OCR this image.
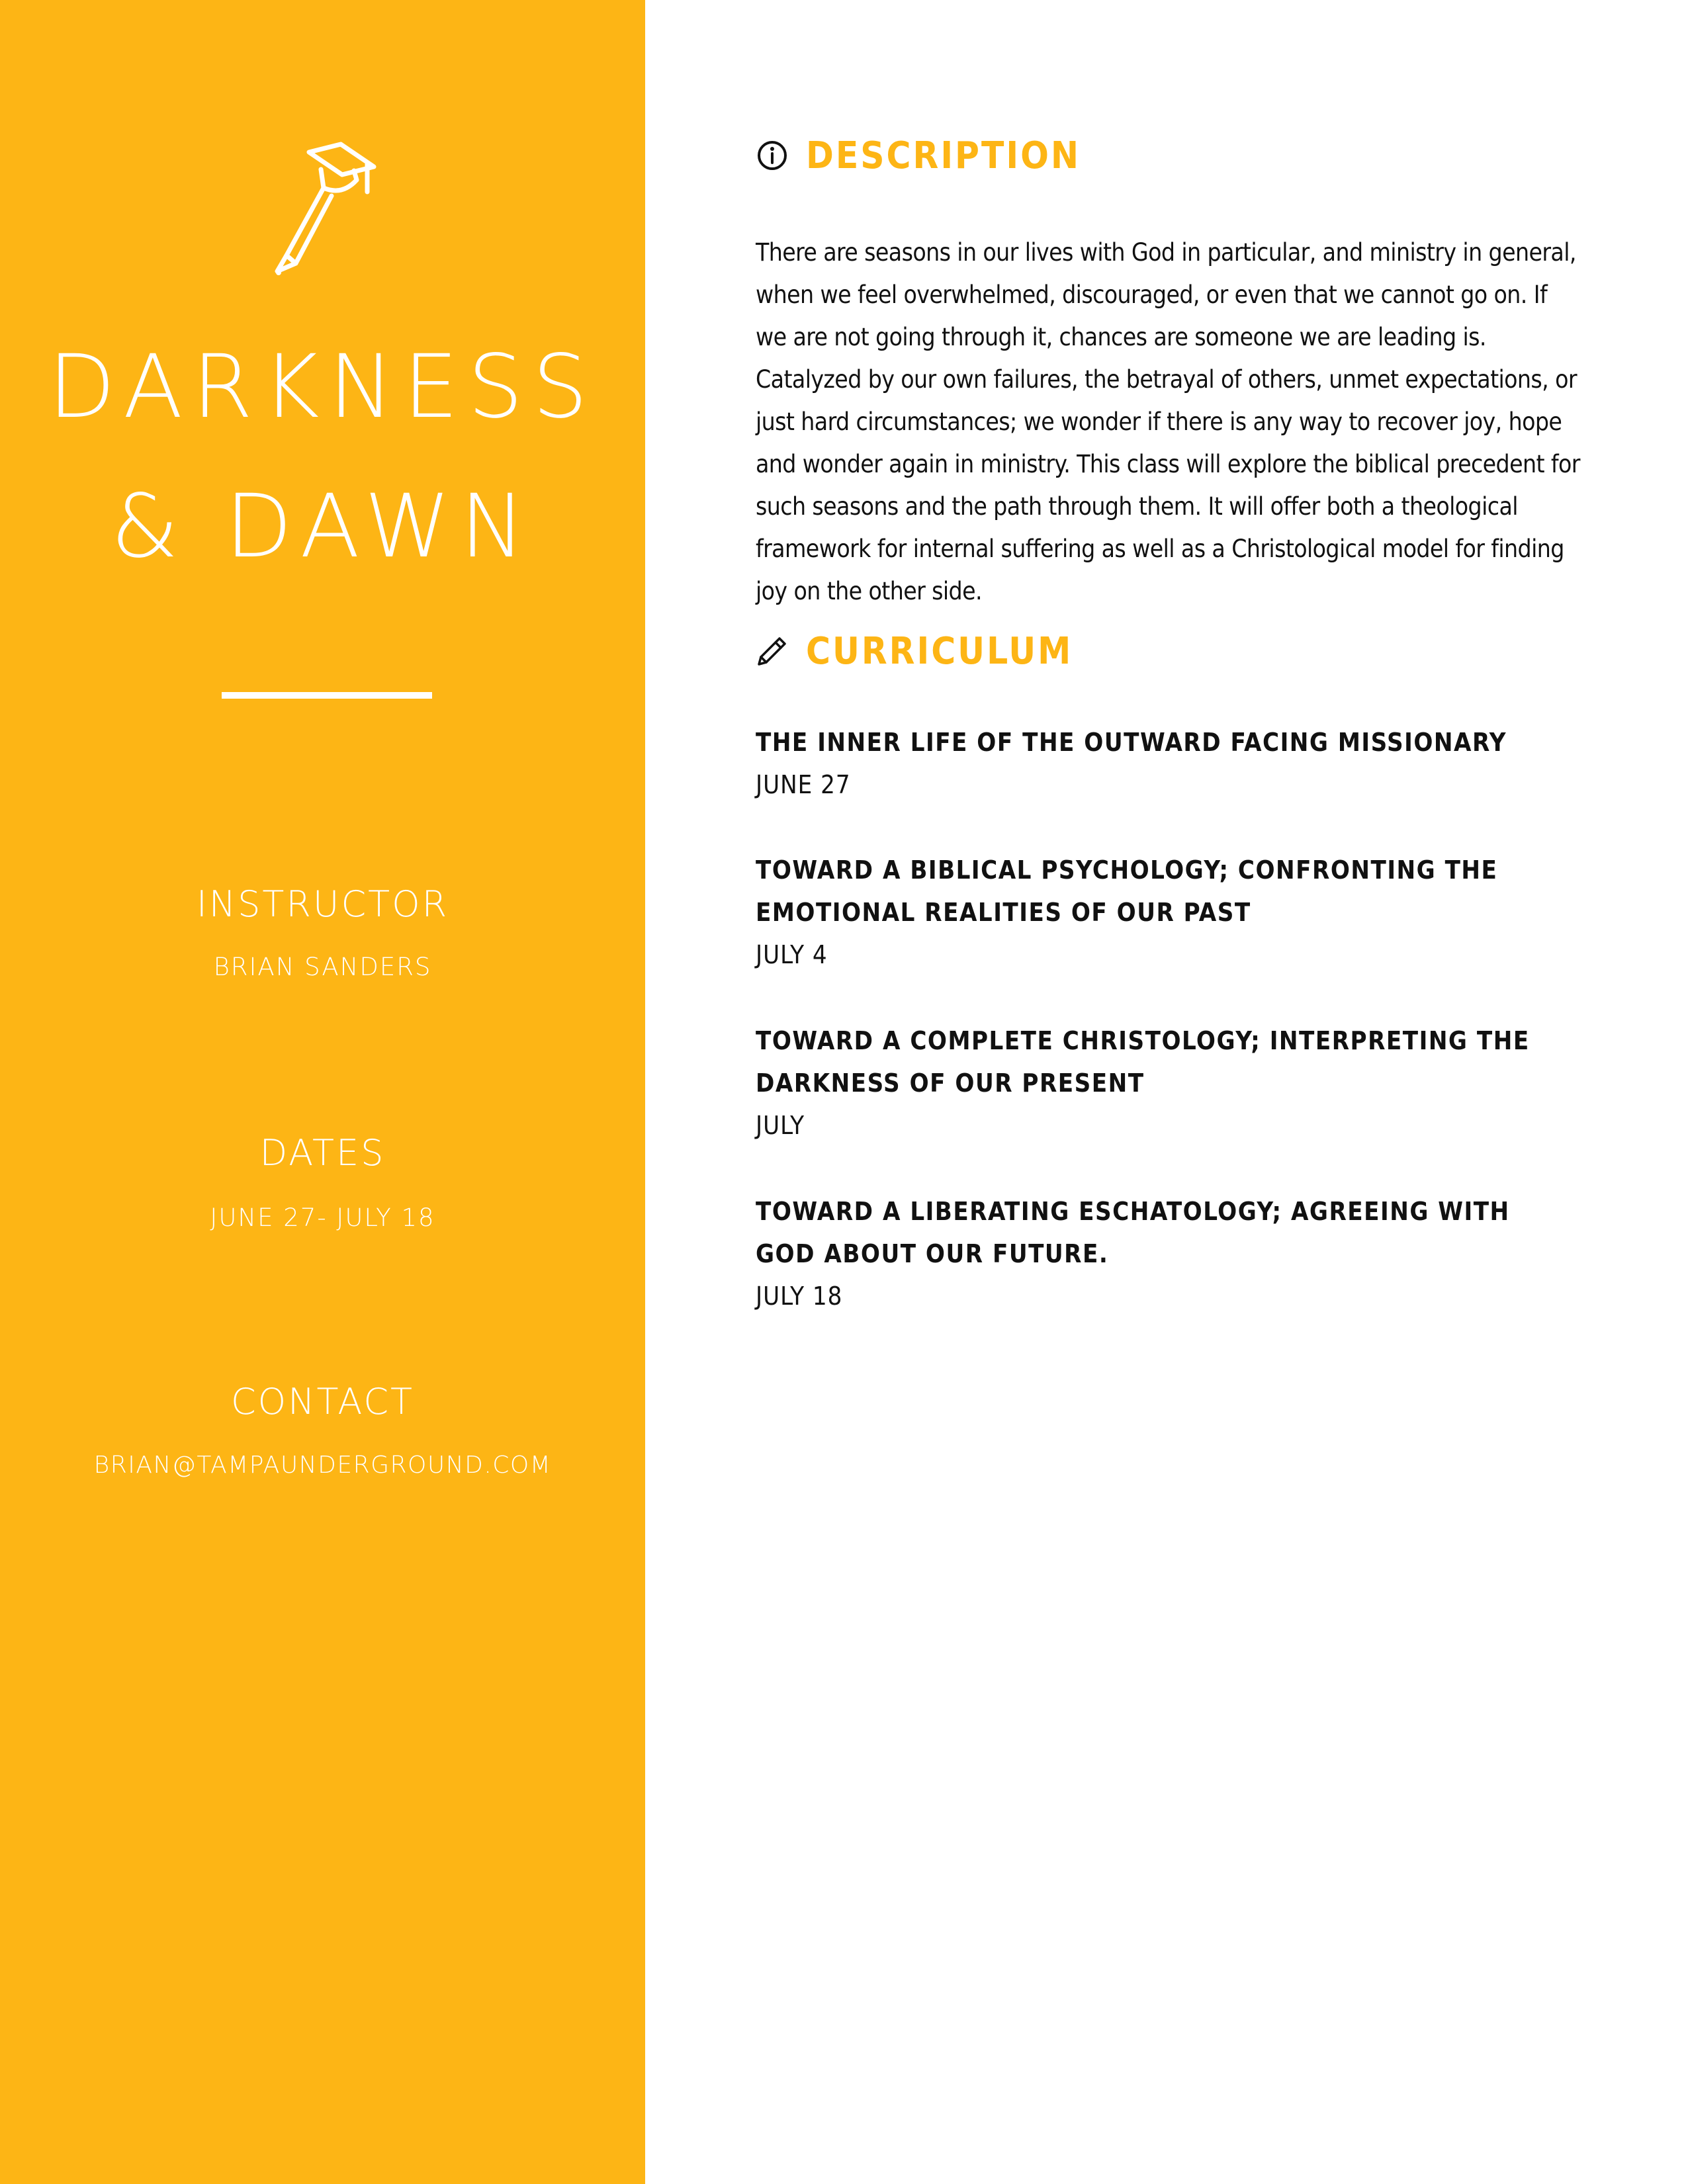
DARKNESS
& DAWN
INSTRUCTOR
BRIAN SANDERS
DATES
JUNE 27- JULY 18
CONTACT
BRIAN@TAMPAUNDERGROUND.COM
DESCRIPTION

There are seasons in our lives with God in particular, and ministry in general, when we feel overwhelmed, discouraged, or even that we cannot go on. If we are not going through it, chances are someone we are leading is. Catalyzed by our own failures, the betrayal of others, unmet expectations, or just hard circumstances; we wonder if there is any way to recover joy, hope and wonder again in ministry. This class will explore the biblical precedent for such seasons and the path through them. It will offer both a theological framework for internal suffering as well as a Christological model for finding joy on the other side.

CURRICULUM

THE INNER LIFE OF THE OUTWARD FACING MISSIONARY

JUNE 27

TOWARD A BIBLICAL PSYCHOLOGY; CONFRONTING THE EMOTIONAL REALITIES OF OUR PAST

JULY 4

TOWARD A COMPLETE CHRISTOLOGY; INTERPRETING THE DARKNESS OF OUR PRESENT

JULY

TOWARD A LIBERATING ESCHATOLOGY; AGREEING WITH GOD ABOUT OUR FUTURE.

JULY 18
